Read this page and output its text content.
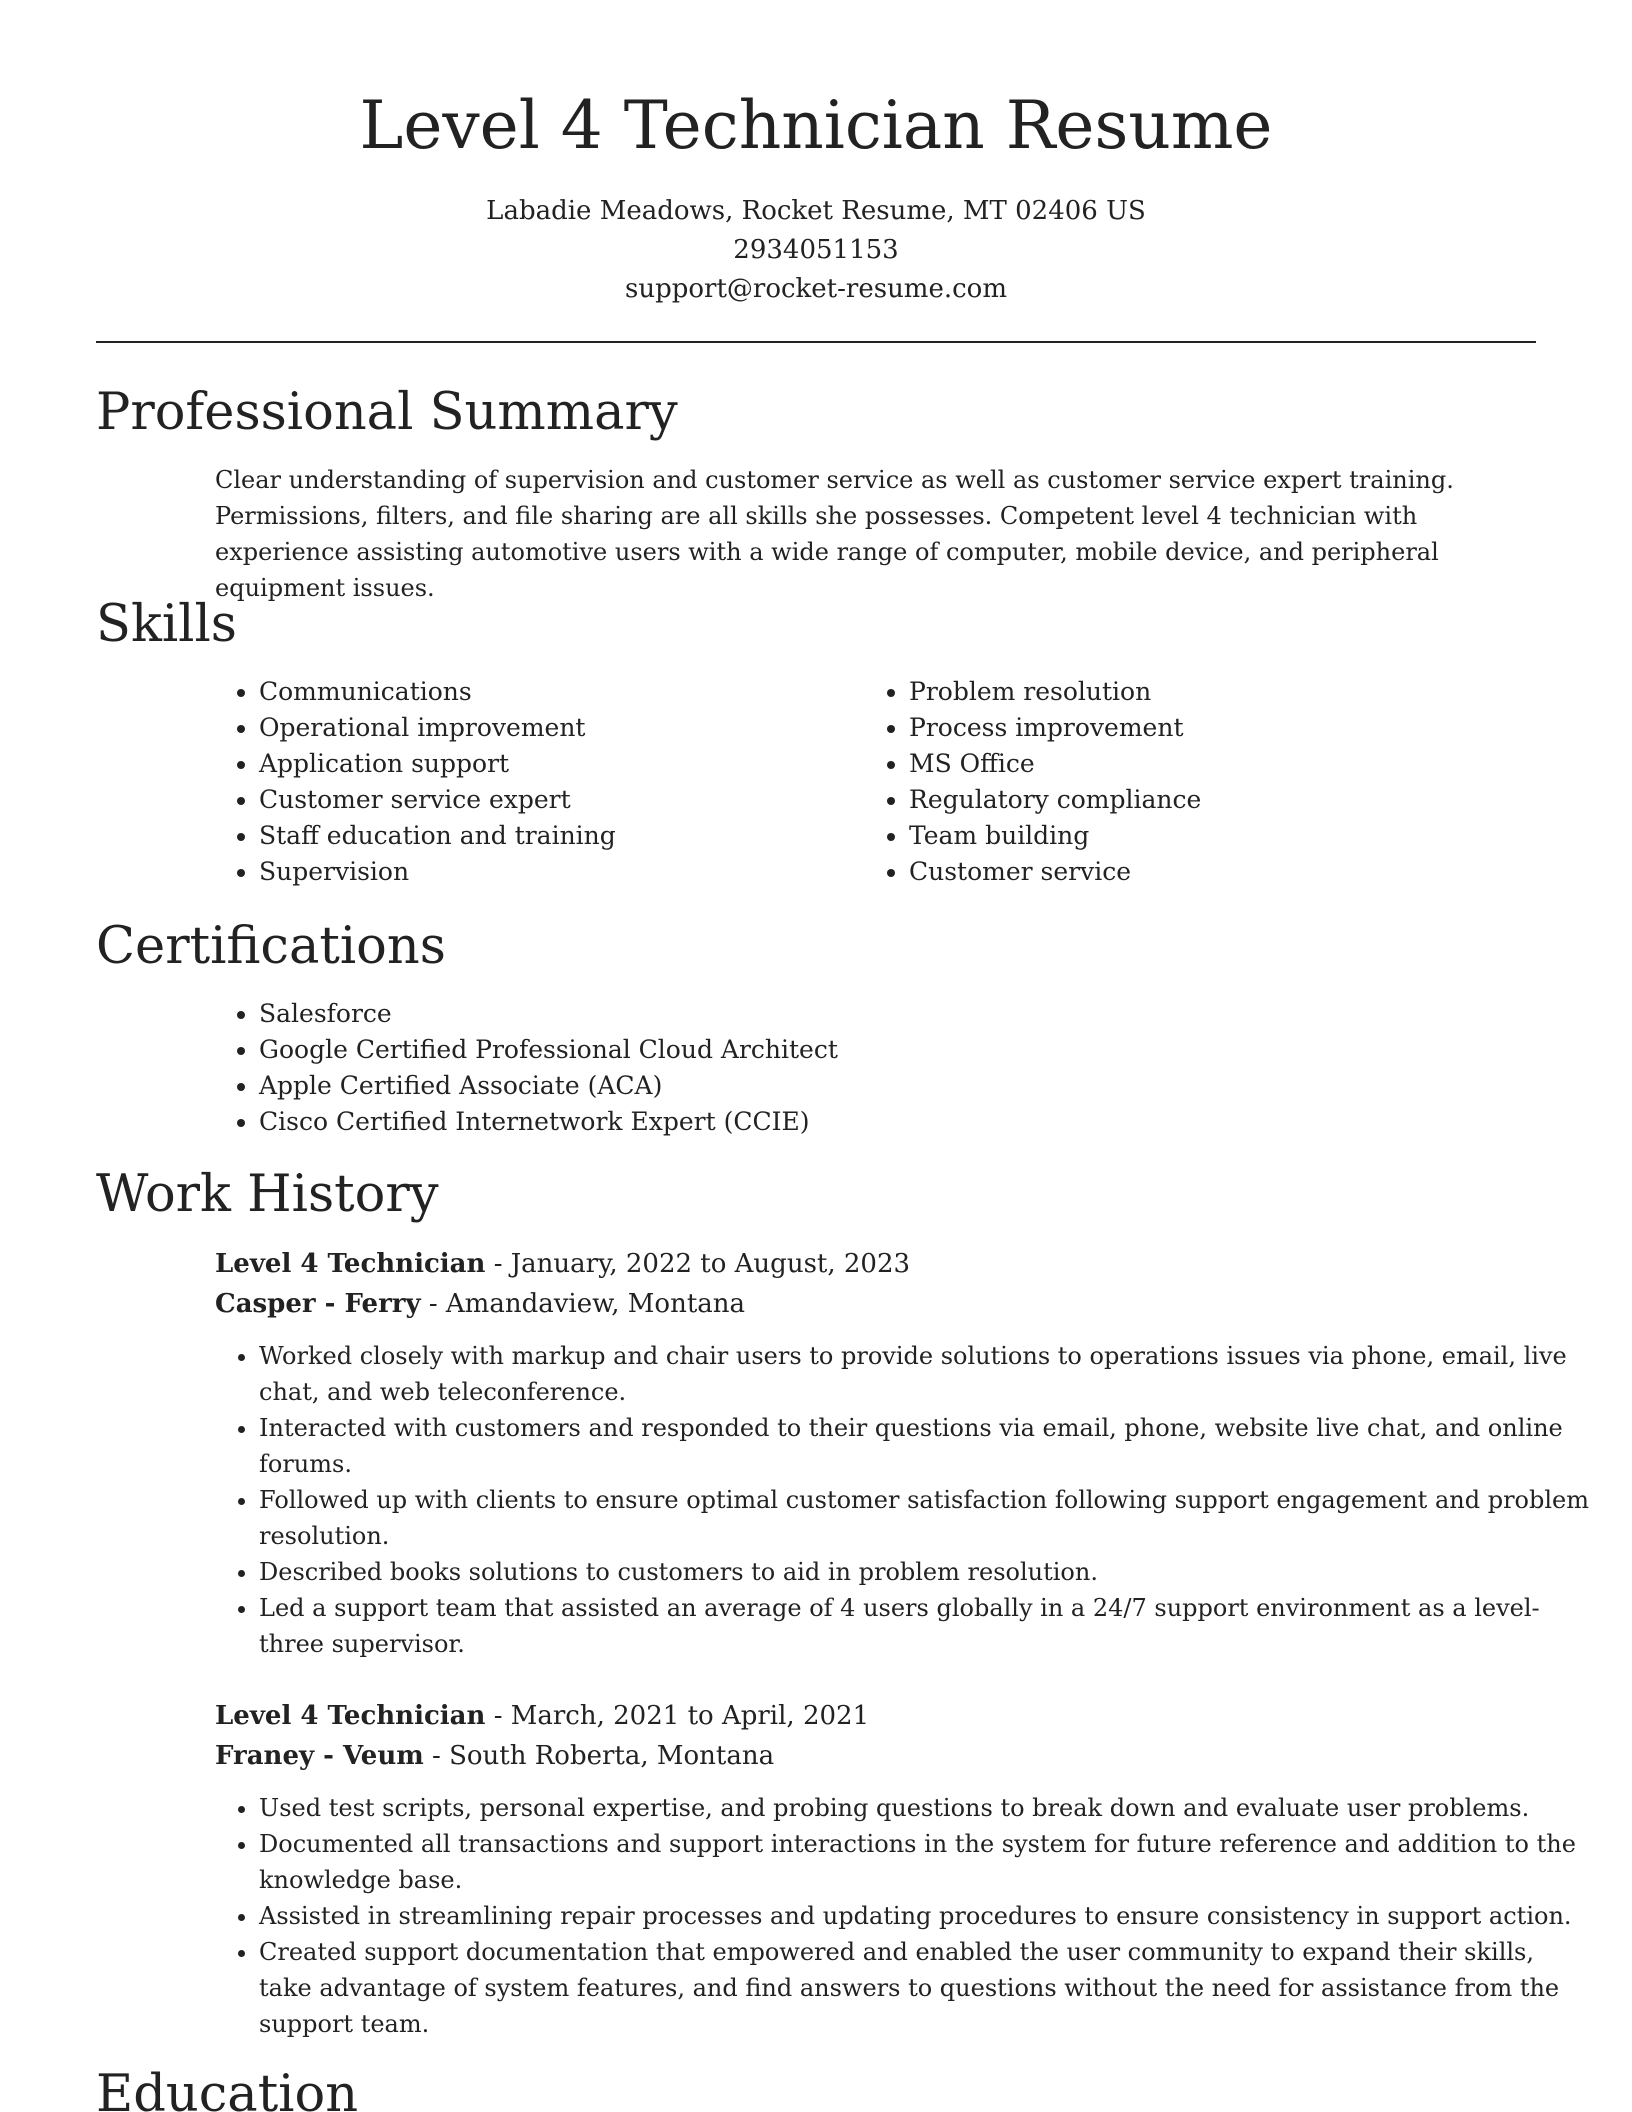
Level 4 Technician Resume
Labadie Meadows, Rocket Resume, MT 02406 US
2934051153
support@rocket-resume.com
Professional Summary

Clear understanding of supervision and customer service as well as customer service expert training. Permissions, filters, and file sharing are all skills she possesses. Competent level 4 technician with experience assisting automotive users with a wide range of computer, mobile device, and peripheral equipment issues.

Skills
• Communications
• Operational improvement
• Application support
• Customer service expert
• Staff education and training
• Supervision
• Problem resolution
• Process improvement
• MS Office
• Regulatory compliance
• Team building
• Customer service
Certifications
• Salesforce
• Google Certified Professional Cloud Architect
• Apple Certified Associate (ACA)
• Cisco Certified Internetwork Expert (CCIE)
Work History
Level 4 Technician - January, 2022 to August, 2023
Casper - Ferry - Amandaview, Montana
• Worked closely with markup and chair users to provide solutions to operations issues via phone, email, live chat, and web teleconference.
• Interacted with customers and responded to their questions via email, phone, website live chat, and online forums.
• Followed up with clients to ensure optimal customer satisfaction following support engagement and problem resolution.
• Described books solutions to customers to aid in problem resolution.
• Led a support team that assisted an average of 4 users globally in a 24/7 support environment as a level-three supervisor.
Level 4 Technician - March, 2021 to April, 2021
Franey - Veum - South Roberta, Montana
• Used test scripts, personal expertise, and probing questions to break down and evaluate user problems.
• Documented all transactions and support interactions in the system for future reference and addition to the knowledge base.
• Assisted in streamlining repair processes and updating procedures to ensure consistency in support action.
• Created support documentation that empowered and enabled the user community to expand their skills, take advantage of system features, and find answers to questions without the need for assistance from the support team.
Education
